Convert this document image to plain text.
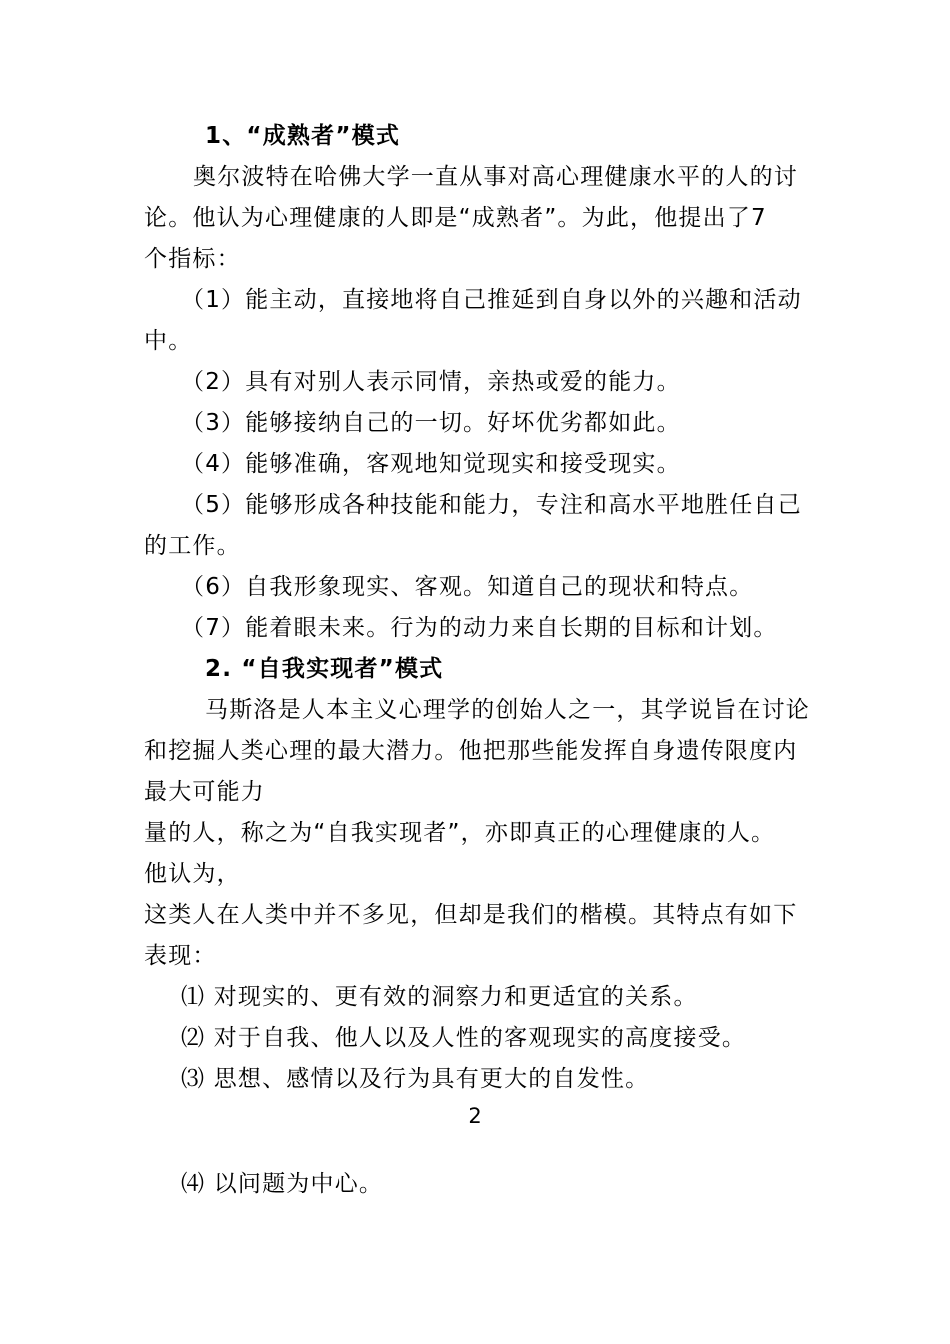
1、“成熟者”模式
奥尔波特在哈佛大学一直从事对高心理健康水平的人的讨
论。他认为心理健康的人即是“成熟者”。为此，他提出了7
个指标：
（1）能主动，直接地将自己推延到自身以外的兴趣和活动
中。
（2）具有对别人表示同情，亲热或爱的能力。
（3）能够接纳自己的一切。好坏优劣都如此。
（4）能够准确，客观地知觉现实和接受现实。
（5）能够形成各种技能和能力，专注和高水平地胜任自己
的工作。
（6）自我形象现实、客观。知道自己的现状和特点。
（7）能着眼未来。行为的动力来自长期的目标和计划。
2. “自我实现者”模式
马斯洛是人本主义心理学的创始人之一，其学说旨在讨论
和挖掘人类心理的最大潜力。他把那些能发挥自身遗传限度内
最大可能力
量的人，称之为“自我实现者”，亦即真正的心理健康的人。
他认为，
这类人在人类中并不多见，但却是我们的楷模。其特点有如下
表现：
⑴ 对现实的、更有效的洞察力和更适宜的关系。
⑵ 对于自我、他人以及人性的客观现实的高度接受。
⑶ 思想、感情以及行为具有更大的自发性。
2
⑷ 以问题为中心。
